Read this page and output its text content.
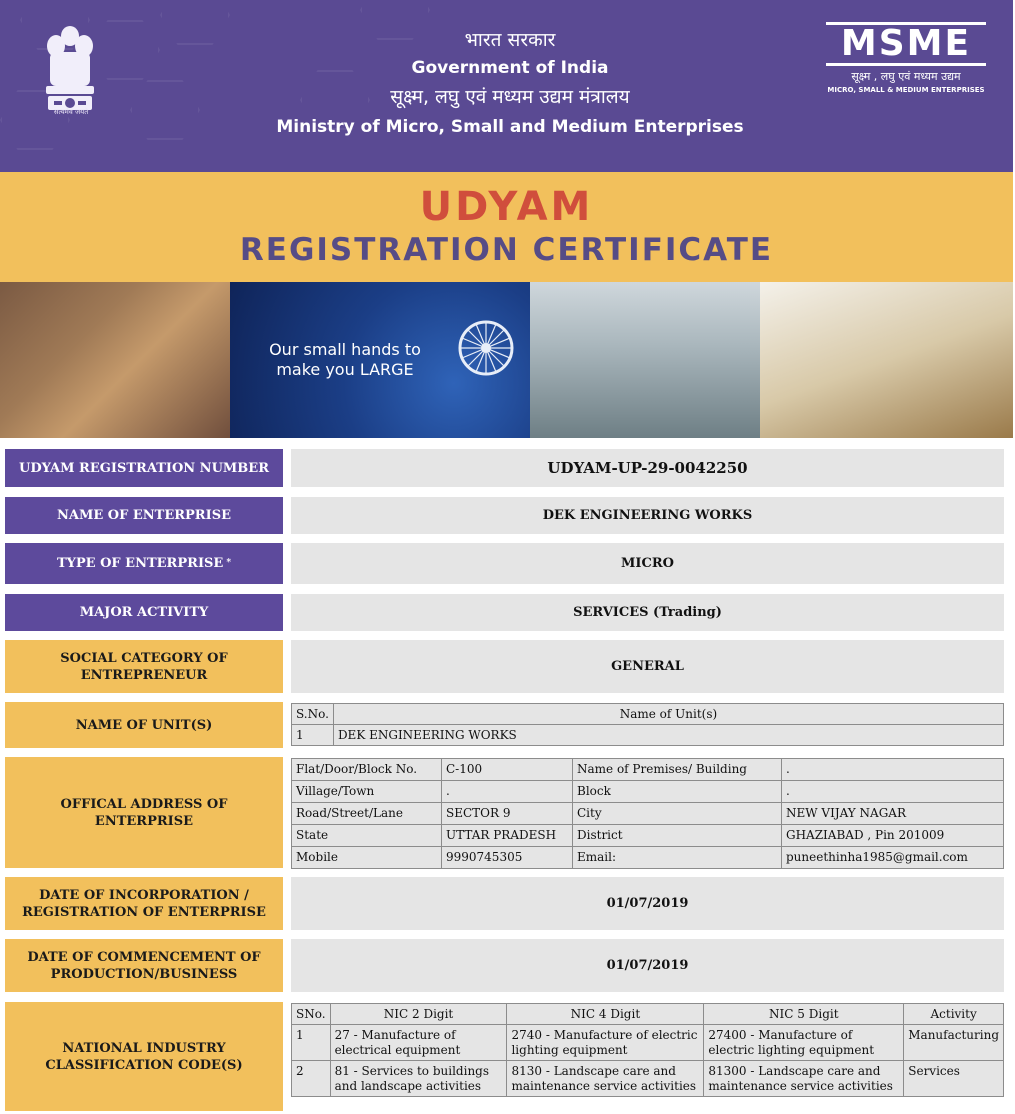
सत्यमेव जयते
भारत सरकार
Government of India
सूक्ष्म, लघु एवं मध्यम उद्यम मंत्रालय
Ministry of Micro, Small and Medium Enterprises
MSME
सूक्ष्म , लघु एवं मध्यम उद्यम
MICRO, SMALL & MEDIUM ENTERPRISES
UDYAM
REGISTRATION CERTIFICATE
Our small hands to make you LARGE
UDYAM REGISTRATION NUMBER	UDYAM-UP-29-0042250
NAME OF ENTERPRISE	DEK ENGINEERING WORKS
TYPE OF ENTERPRISE *	MICRO
MAJOR ACTIVITY	SERVICES (Trading)
SOCIAL CATEGORY OF ENTREPRENEUR
GENERAL
NAME OF UNIT(S)
S.No.	Name of Unit(s)
1	DEK ENGINEERING WORKS
OFFICAL ADDRESS OF ENTERPRISE
Flat/Door/Block No.	C-100	Name of Premises/ Building	.
Village/Town	.	Block	.
Road/Street/Lane	SECTOR 9	City	NEW VIJAY NAGAR
State	UTTAR PRADESH	District	GHAZIABAD , Pin 201009
Mobile	9990745305	Email:	puneethinha1985@gmail.com
DATE OF INCORPORATION / REGISTRATION OF ENTERPRISE
01/07/2019
DATE OF COMMENCEMENT OF PRODUCTION/BUSINESS
01/07/2019
NATIONAL INDUSTRY CLASSIFICATION CODE(S)
SNo.	NIC 2 Digit	NIC 4 Digit	NIC 5 Digit	Activity
1	27 - Manufacture of electrical equipment	2740 - Manufacture of electric lighting equipment	27400 - Manufacture of electric lighting equipment	Manufacturing
2	81 - Services to buildings and landscape activities	8130 - Landscape care and maintenance service activities	81300 - Landscape care and maintenance service activities	Services
